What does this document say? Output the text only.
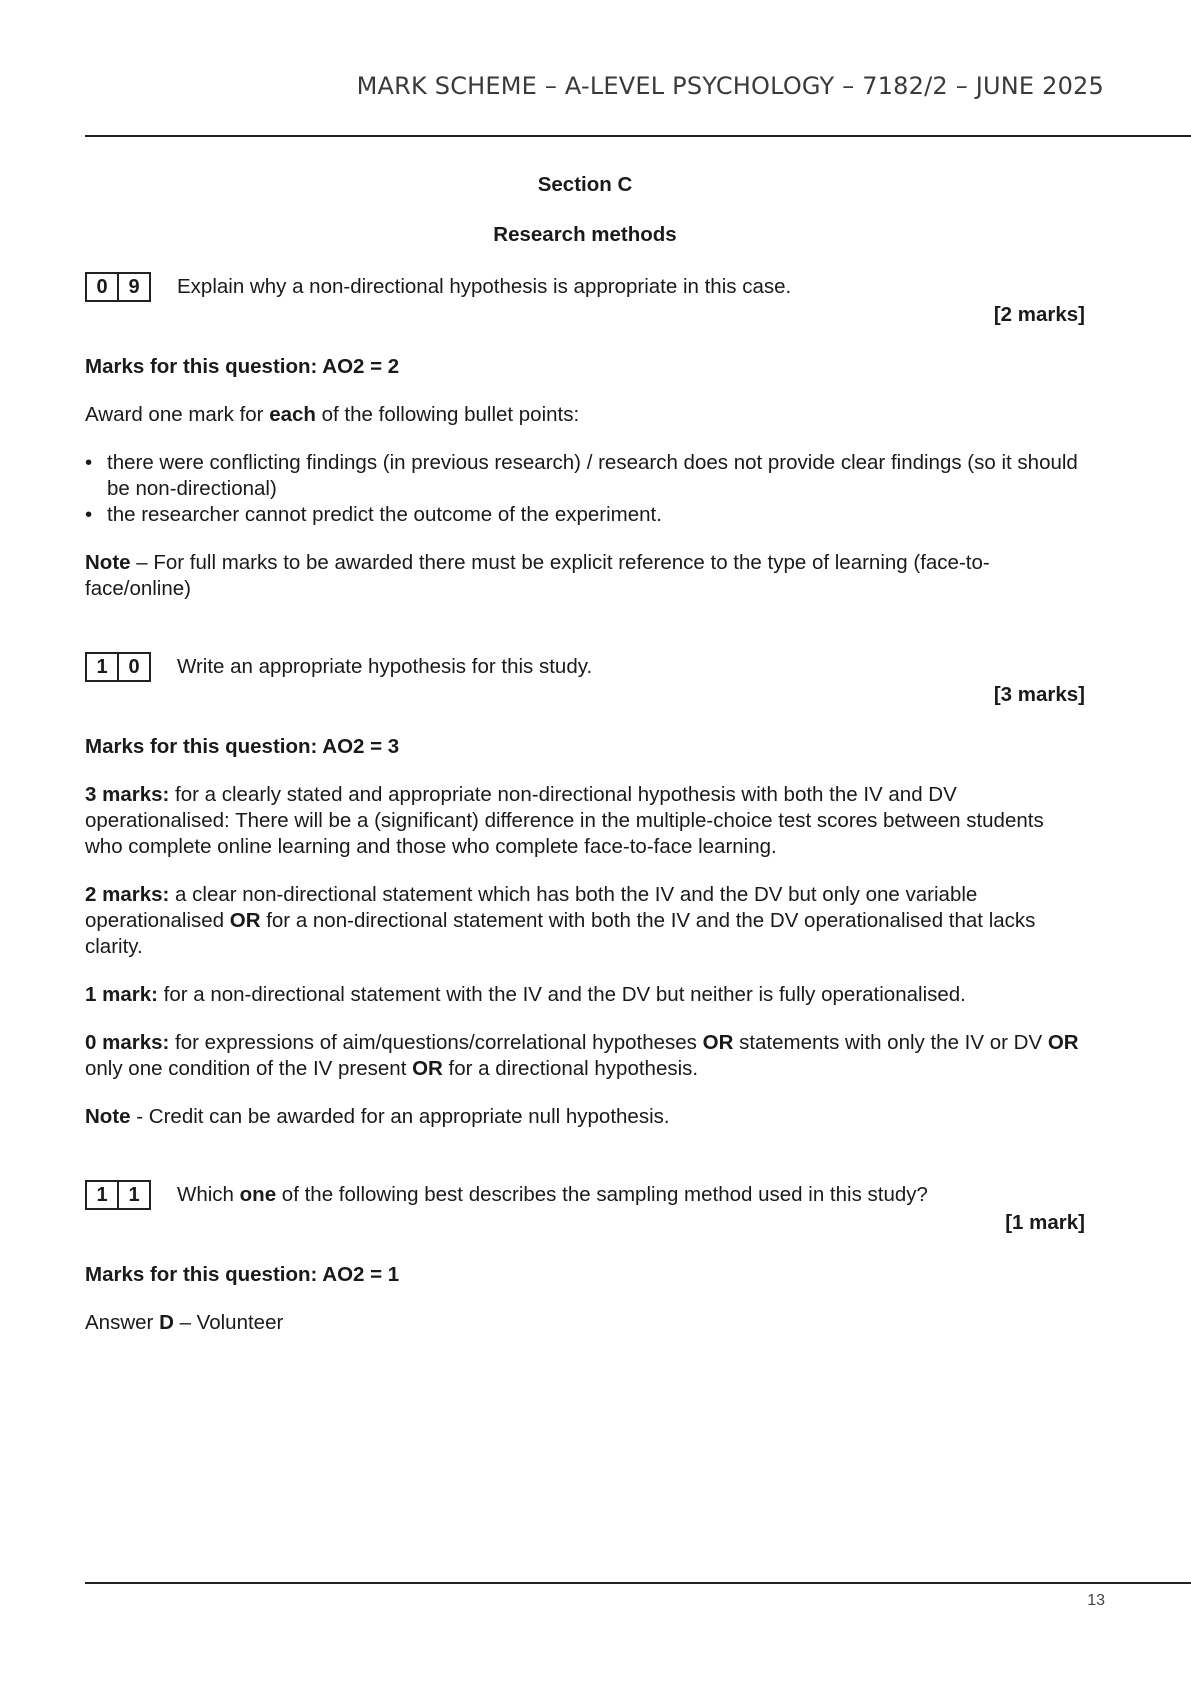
MARK SCHEME – A-LEVEL PSYCHOLOGY – 7182/2 – JUNE 2025

Section C

Research methods

0	9	Explain why a non-directional hypothesis is appropriate in this case.

[2 marks]

Marks for this question: AO2 = 2

Award one mark for each of the following bullet points:

• there were conflicting findings (in previous research) / research does not provide clear findings (so it should be non-directional)
• the researcher cannot predict the outcome of the experiment.

Note – For full marks to be awarded there must be explicit reference to the type of learning (face-to-face/online)

1	0	Write an appropriate hypothesis for this study.

[3 marks]

Marks for this question: AO2 = 3

3 marks: for a clearly stated and appropriate non-directional hypothesis with both the IV and DV operationalised: There will be a (significant) difference in the multiple-choice test scores between students who complete online learning and those who complete face-to-face learning.

2 marks: a clear non-directional statement which has both the IV and the DV but only one variable operationalised OR for a non-directional statement with both the IV and the DV operationalised that lacks clarity.

1 mark: for a non-directional statement with the IV and the DV but neither is fully operationalised.

0 marks: for expressions of aim/questions/correlational hypotheses OR statements with only the IV or DV OR only one condition of the IV present OR for a directional hypothesis.

Note - Credit can be awarded for an appropriate null hypothesis.

1	1	Which one of the following best describes the sampling method used in this study?

[1 mark]

Marks for this question: AO2 = 1

Answer D – Volunteer

13
